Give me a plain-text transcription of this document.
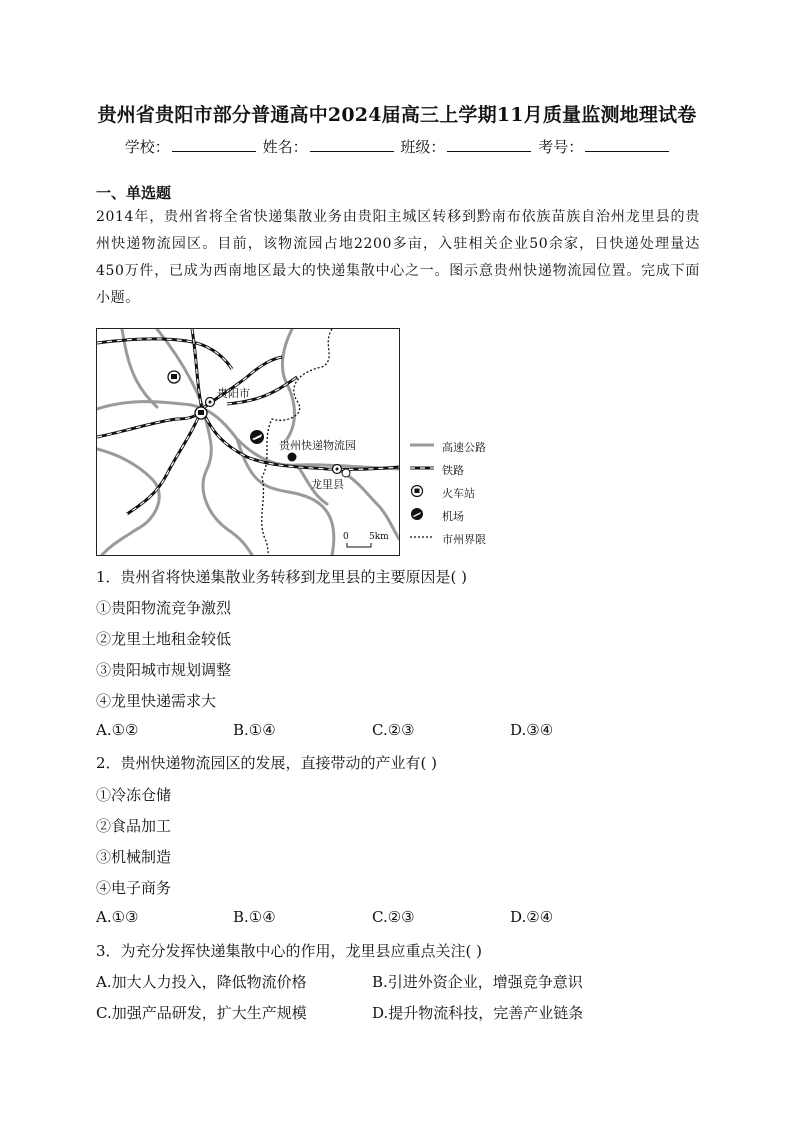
贵州省贵阳市部分普通高中2024届高三上学期11月质量监测地理试卷
学校：	姓名：	班级：	考号：
一、单选题
2014年，贵州省将全省快递集散业务由贵阳主城区转移到黔南布依族苗族自治州龙里县的贵州快递物流园区。目前，该物流园占地2200多亩，入驻相关企业50余家，日快递处理量达450万件，已成为西南地区最大的快递集散中心之一。图示意贵州快递物流园位置。完成下面小题。
贵阳市
贵州快递物流园
龙里县
0 5km
高速公路
铁路
火车站
机场
市州界限
1．贵州省将快递集散业务转移到龙里县的主要原因是( )
①贵阳物流竞争激烈
②龙里土地租金较低
③贵阳城市规划调整
④龙里快递需求大
A.①②	B.①④	C.②③	D.③④
2．贵州快递物流园区的发展，直接带动的产业有( )
①冷冻仓储
②食品加工
③机械制造
④电子商务
A.①③	B.①④	C.②③	D.②④
3．为充分发挥快递集散中心的作用，龙里县应重点关注( )
A.加大人力投入，降低物流价格	B.引进外资企业，增强竞争意识
C.加强产品研发，扩大生产规模	D.提升物流科技，完善产业链条
